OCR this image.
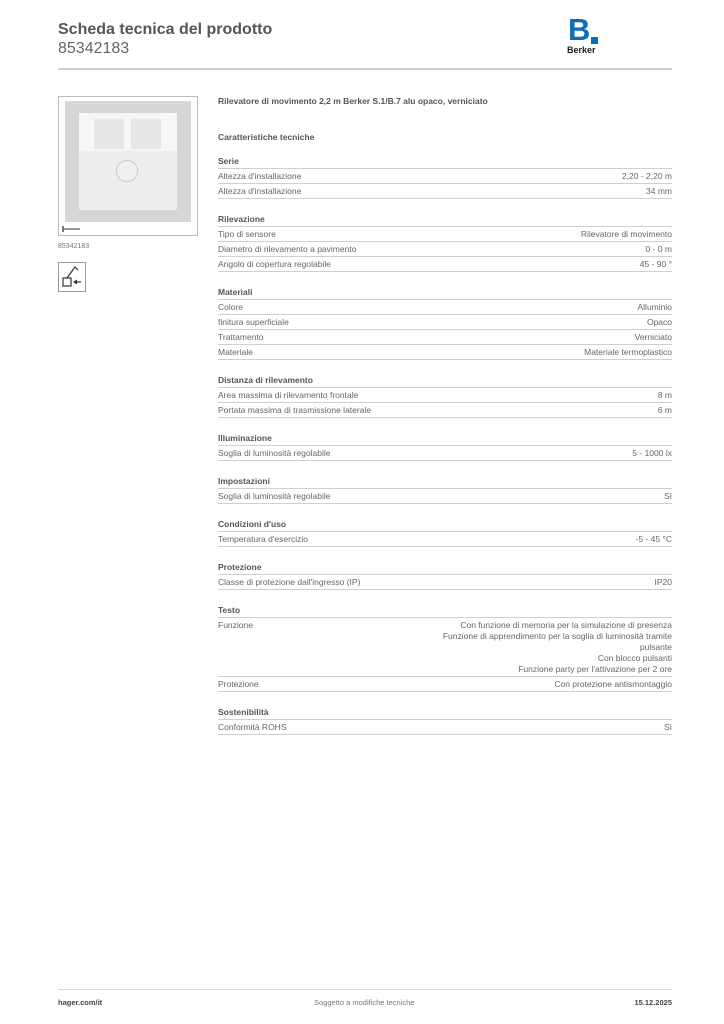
Scheda tecnica del prodotto
85342183
B
Berker
85342183
Rilevatore di movimento 2,2 m Berker S.1/B.7 alu opaco, verniciato
Caratteristiche tecniche
Serie
Altezza d'installazione	2,20 - 2,20 m
Altezza d'installazione	34 mm
Rilevazione
Tipo di sensore	Rilevatore di movimento
Diametro di rilevamento a pavimento	0 - 0 m
Angolo di copertura regolabile	45 - 90 °
Materiali
Colore	Alluminio
finitura superficiale	Opaco
Trattamento	Verniciato
Materiale	Materiale termoplastico
Distanza di rilevamento
Area massima di rilevamento frontale	8 m
Portata massima di trasmissione laterale	6 m
Illuminazione
Soglia di luminosità regolabile	5 - 1000 lx
Impostazioni
Soglia di luminosità regolabile	Sì
Condizioni d'uso
Temperatura d'esercizio	-5 - 45 °C
Protezione
Classe di protezione dall'ingresso (IP)	IP20
Testo
Funzione	Con funzione di memoria per la simulazione di presenza
Funzione di apprendimento per la soglia di luminosità tramite
pulsante
Con blocco pulsanti
Funzione party per l'attivazione per 2 ore
Protezione	Con protezione antismontaggio
Sostenibilità
Conformità ROHS	Sì
hager.com/it	Soggetto a modifiche tecniche	15.12.2025
